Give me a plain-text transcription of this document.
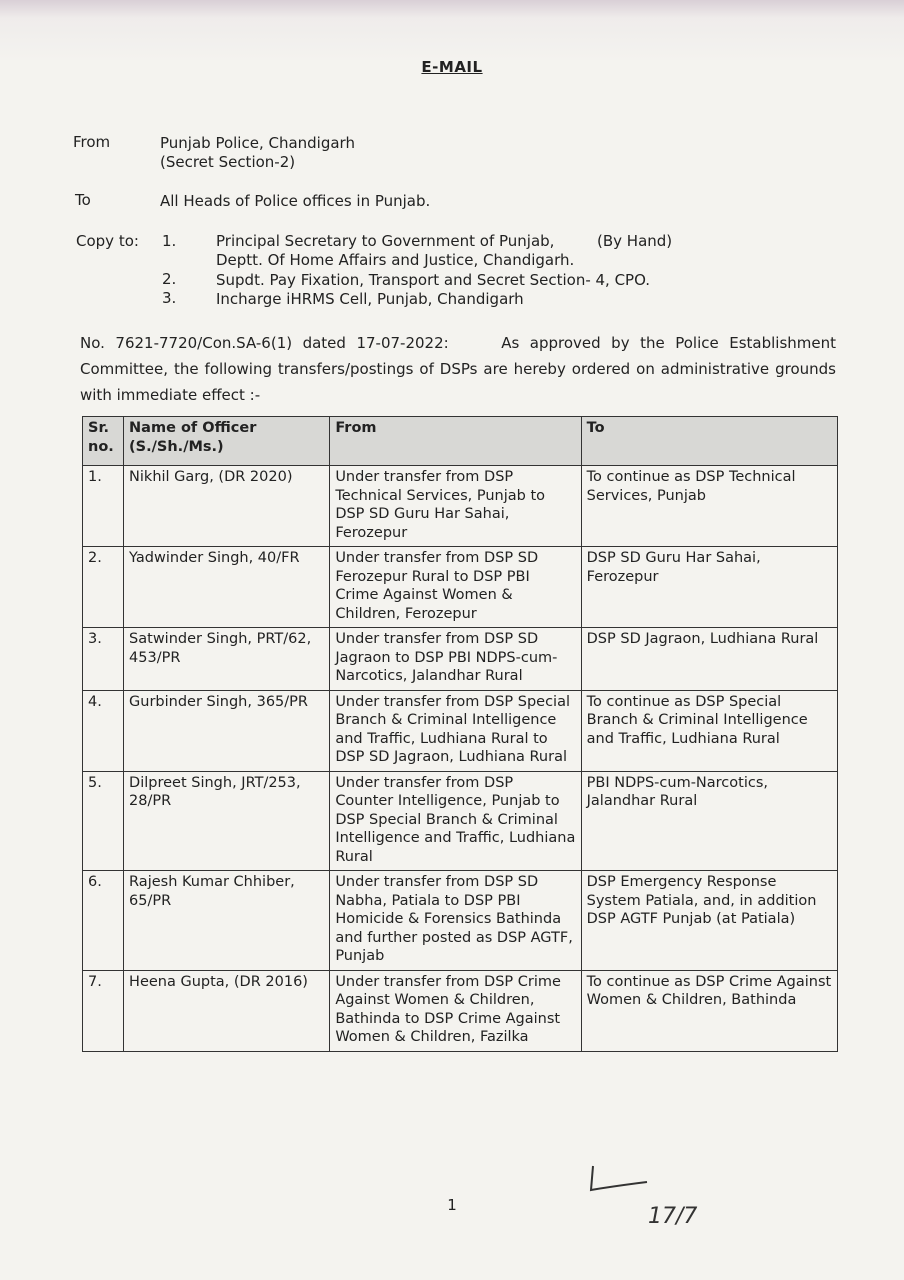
E-MAIL
From	Punjab Police, Chandigarh
(Secret Section-2)
To	All Heads of Police offices in Punjab.
Copy to: 1.	Principal Secretary to Government of Punjab,	(By Hand)
Deptt. Of Home Affairs and Justice, Chandigarh.
2.	Supdt. Pay Fixation, Transport and Secret Section- 4, CPO.
3.	Incharge iHRMS Cell, Punjab, Chandigarh
No. 7621-7720/Con.SA-6(1) dated 17-07-2022:	As approved by the Police Establishment Committee, the following transfers/postings of DSPs are hereby ordered on administrative grounds with immediate effect :-
Sr. no.	Name of Officer (S./Sh./Ms.)	From	To
1.	Nikhil Garg, (DR 2020)	Under transfer from DSP Technical Services, Punjab to DSP SD Guru Har Sahai, Ferozepur	To continue as DSP Technical Services, Punjab
2.	Yadwinder Singh, 40/FR	Under transfer from DSP SD Ferozepur Rural to DSP PBI Crime Against Women & Children, Ferozepur	DSP SD Guru Har Sahai, Ferozepur
3.	Satwinder Singh, PRT/62, 453/PR	Under transfer from DSP SD Jagraon to DSP PBI NDPS-cum-Narcotics, Jalandhar Rural	DSP SD Jagraon, Ludhiana Rural
4.	Gurbinder Singh, 365/PR	Under transfer from DSP Special Branch & Criminal Intelligence and Traffic, Ludhiana Rural to DSP SD Jagraon, Ludhiana Rural	To continue as DSP Special Branch & Criminal Intelligence and Traffic, Ludhiana Rural
5.	Dilpreet Singh, JRT/253, 28/PR	Under transfer from DSP Counter Intelligence, Punjab to DSP Special Branch & Criminal Intelligence and Traffic, Ludhiana Rural	PBI NDPS-cum-Narcotics, Jalandhar Rural
6.	Rajesh Kumar Chhiber, 65/PR	Under transfer from DSP SD Nabha, Patiala to DSP PBI Homicide & Forensics Bathinda and further posted as DSP AGTF, Punjab	DSP Emergency Response System Patiala, and, in addition DSP AGTF Punjab (at Patiala)
7.	Heena Gupta, (DR 2016)	Under transfer from DSP Crime Against Women & Children, Bathinda to DSP Crime Against Women & Children, Fazilka	To continue as DSP Crime Against Women & Children, Bathinda
1	17/7
